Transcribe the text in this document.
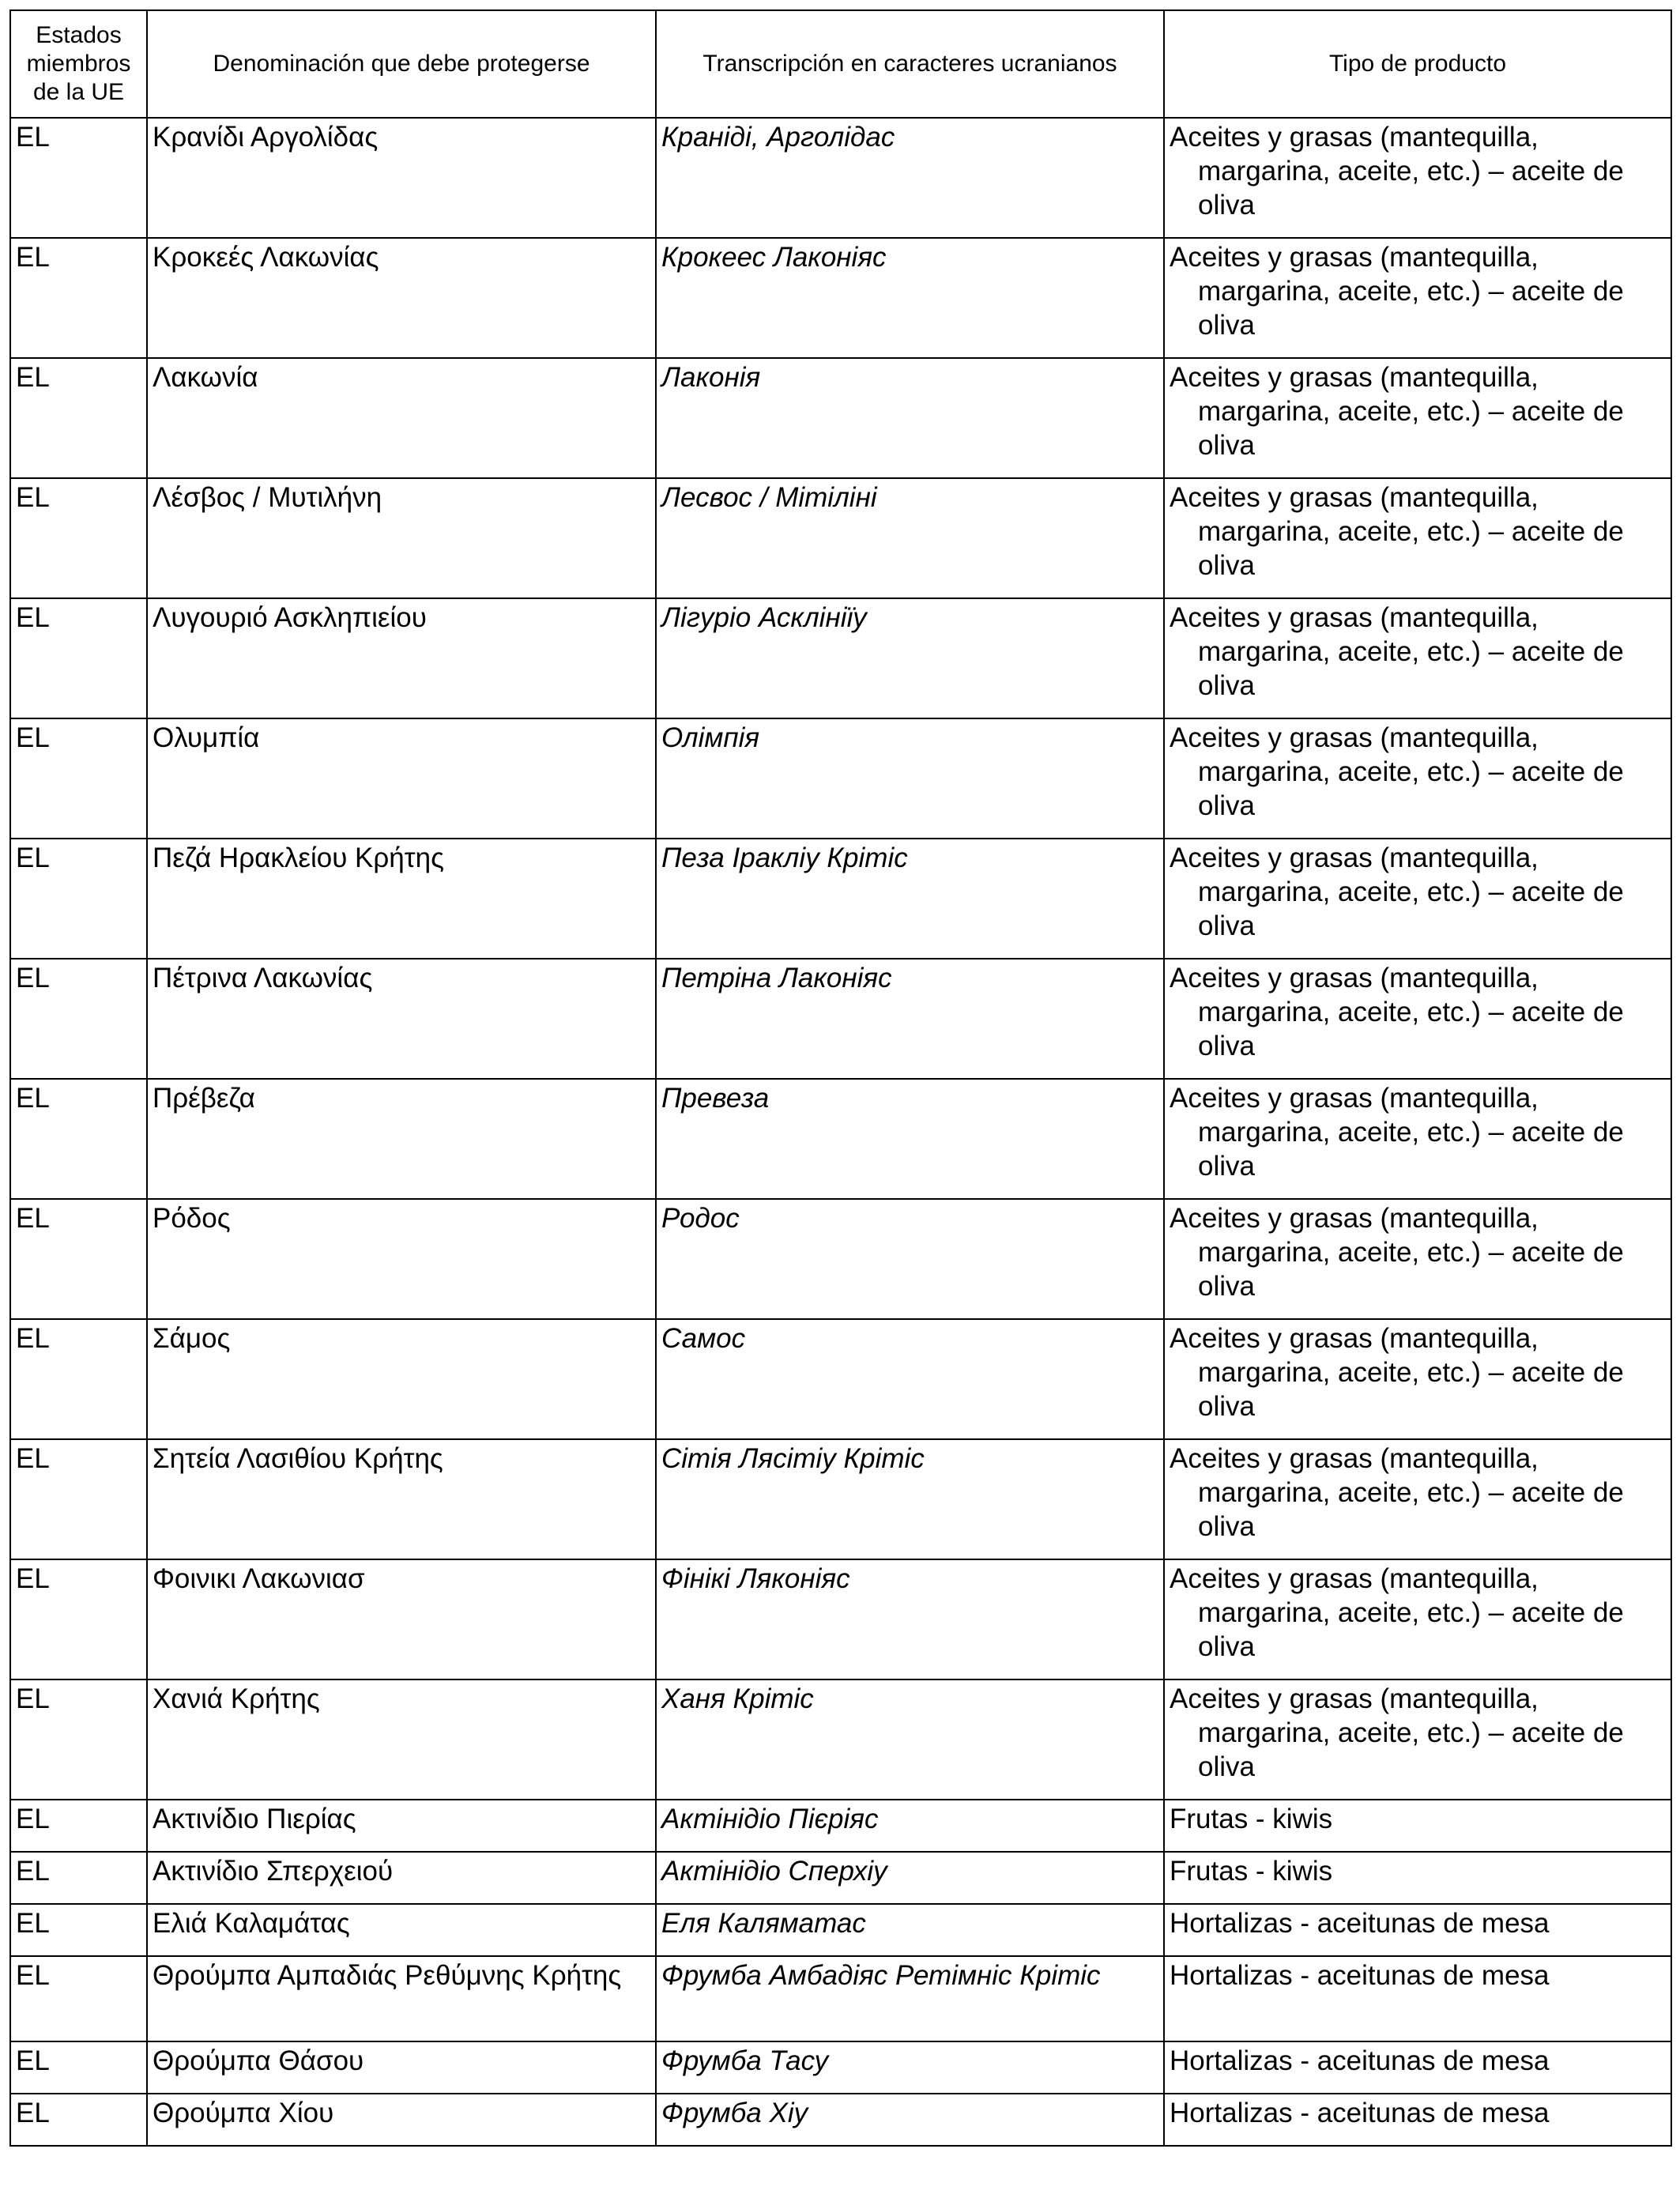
Estados miembros de la UE	Denominación que debe protegerse	Transcripción en caracteres ucranianos	Tipo de producto
EL	Κρανίδι Αργολίδας	Краніді, Арголідас	Aceites y grasas (mantequilla, margarina, aceite, etc.) – aceite de oliva

EL	Κροκεές Λακωνίας	Крокеес Лаконіяс	Aceites y grasas (mantequilla, margarina, aceite, etc.) – aceite de oliva

EL	Λακωνία	Лаконія	Aceites y grasas (mantequilla, margarina, aceite, etc.) – aceite de oliva

EL	Λέσβος / Μυτιλήνη	Лесвос / Мітіліні	Aceites y grasas (mantequilla, margarina, aceite, etc.) – aceite de oliva

EL	Λυγουριό Ασκληπιείου	Лігуріо Асклініїу	Aceites y grasas (mantequilla, margarina, aceite, etc.) – aceite de oliva

EL	Ολυμπία	Олімпія	Aceites y grasas (mantequilla, margarina, aceite, etc.) – aceite de oliva

EL	Πεζά Ηρακλείου Κρήτης	Пеза Іракліу Крітіс	Aceites y grasas (mantequilla, margarina, aceite, etc.) – aceite de oliva

EL	Πέτρινα Λακωνίας	Петріна Лаконіяс	Aceites y grasas (mantequilla, margarina, aceite, etc.) – aceite de oliva

EL	Πρέβεζα	Превеза	Aceites y grasas (mantequilla, margarina, aceite, etc.) – aceite de oliva

EL	Ρόδος	Родос	Aceites y grasas (mantequilla, margarina, aceite, etc.) – aceite de oliva

EL	Σάμος	Самос	Aceites y grasas (mantequilla, margarina, aceite, etc.) – aceite de oliva

EL	Σητεία Λασιθίου Κρήτης	Сітія Лясітіу Крітіс	Aceites y grasas (mantequilla, margarina, aceite, etc.) – aceite de oliva

EL	Φοινικι Λακωνιασ	Фінікі Ляконіяс	Aceites y grasas (mantequilla, margarina, aceite, etc.) – aceite de oliva

EL	Χανιά Κρήτης	Ханя Крітіс	Aceites y grasas (mantequilla, margarina, aceite, etc.) – aceite de oliva

EL	Ακτινίδιο Πιερίας	Актінідіо Пієріяс	Frutas - kiwis

EL	Ακτινίδιο Σπερχειού	Актінідіо Сперхіу	Frutas - kiwis

EL	Ελιά Καλαμάτας	Еля Каляматас	Hortalizas - aceitunas de mesa

EL	Θρούμπα Αμπαδιάς Ρεθύμνης Κρήτης	Фрумба Амбадіяс Ретімніс Крітіс	Hortalizas - aceitunas de mesa

EL	Θρούμπα Θάσου	Фрумба Тасу	Hortalizas - aceitunas de mesa

EL	Θρούμπα Χίου	Фрумба Хіу	Hortalizas - aceitunas de mesa
